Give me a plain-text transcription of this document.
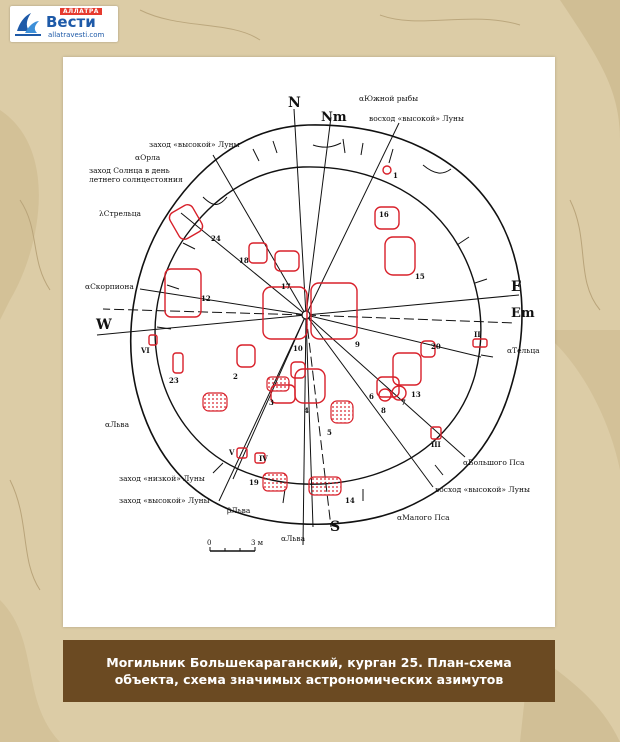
АЛЛАТРА
Вести
allatravesti.com
N
Nm
E
Em
W
S
αЮжной рыбы
восход «высокой» Луны
заход «высокой» Луны
αОрла
заход Солнца в день
летнего солнцестояния
λСтрельца
αСкорпиона
αТельца
αЛьва
αБольшого Пса
восход «высокой» Луны
αМалого Пса
αЛьва
βЛьва
заход «высокой» Луны
заход «низкой» Луны
1
2
3
4
5
6
7
8
9
10
12
13
14
15
16
17
18
19
20
23
24
II
III
IV
V
VI
0	3 м
Могильник Большекараганский, курган 25. План-схема
объекта, схема значимых астрономических азимутов
